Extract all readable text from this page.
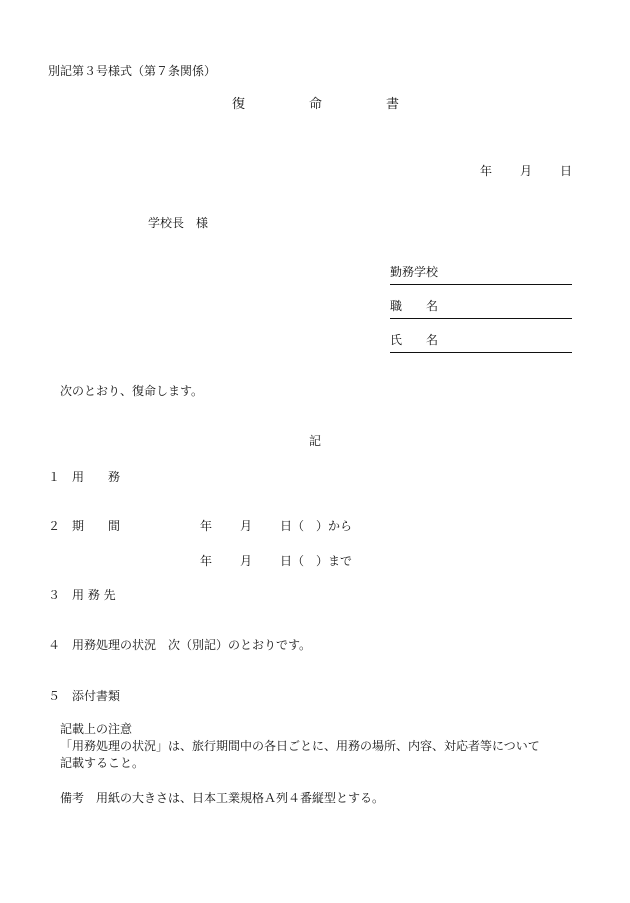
別記第３号様式（第７条関係）
復	命	書
年 月 日
学校長　様
勤務学校
職　　名
氏　　名
次のとおり、復命します。
記
１ 用　　務
２ 期　　間	年 月 日 （ ） から
年 月 日 （ ） まで
３ 用 務 先
４ 用務処理の状況　次（別記）のとおりです。
５ 添付書類
記載上の注意
「用務処理の状況」は、旅行期間中の各日ごとに、用務の場所、内容、対応者等について
記載すること。
備考　用紙の大きさは、日本工業規格Ａ列４番縦型とする。
